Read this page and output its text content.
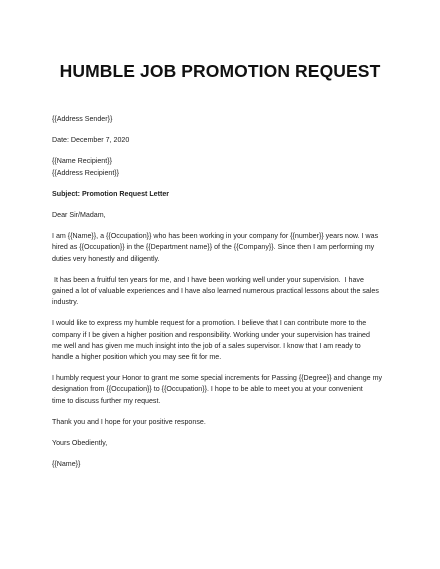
HUMBLE JOB PROMOTION REQUEST
{{Address Sender}}
Date: December 7, 2020
{{Name Recipient}}
{{Address Recipient}}
Subject: Promotion Request Letter
Dear Sir/Madam,
I am {{Name}}, a {{Occupation}} who has been working in your company for {{number}} years now. I was
hired as {{Occupation}} in the {{Department name}} of the {{Company}}. Since then I am performing my
duties very honestly and diligently.
It has been a fruitful ten years for me, and I have been working well under your supervision.  I have
gained a lot of valuable experiences and I have also learned numerous practical lessons about the sales
industry.
I would like to express my humble request for a promotion. I believe that I can contribute more to the
company if I be given a higher position and responsibility. Working under your supervision has trained
me well and has given me much insight into the job of a sales supervisor. I know that I am ready to
handle a higher position which you may see fit for me.
I humbly request your Honor to grant me some special increments for Passing {{Degree}} and change my
designation from {{Occupation}} to {{Occupation}}. I hope to be able to meet you at your convenient
time to discuss further my request.
Thank you and I hope for your positive response.
Yours Obediently,
{{Name}}
